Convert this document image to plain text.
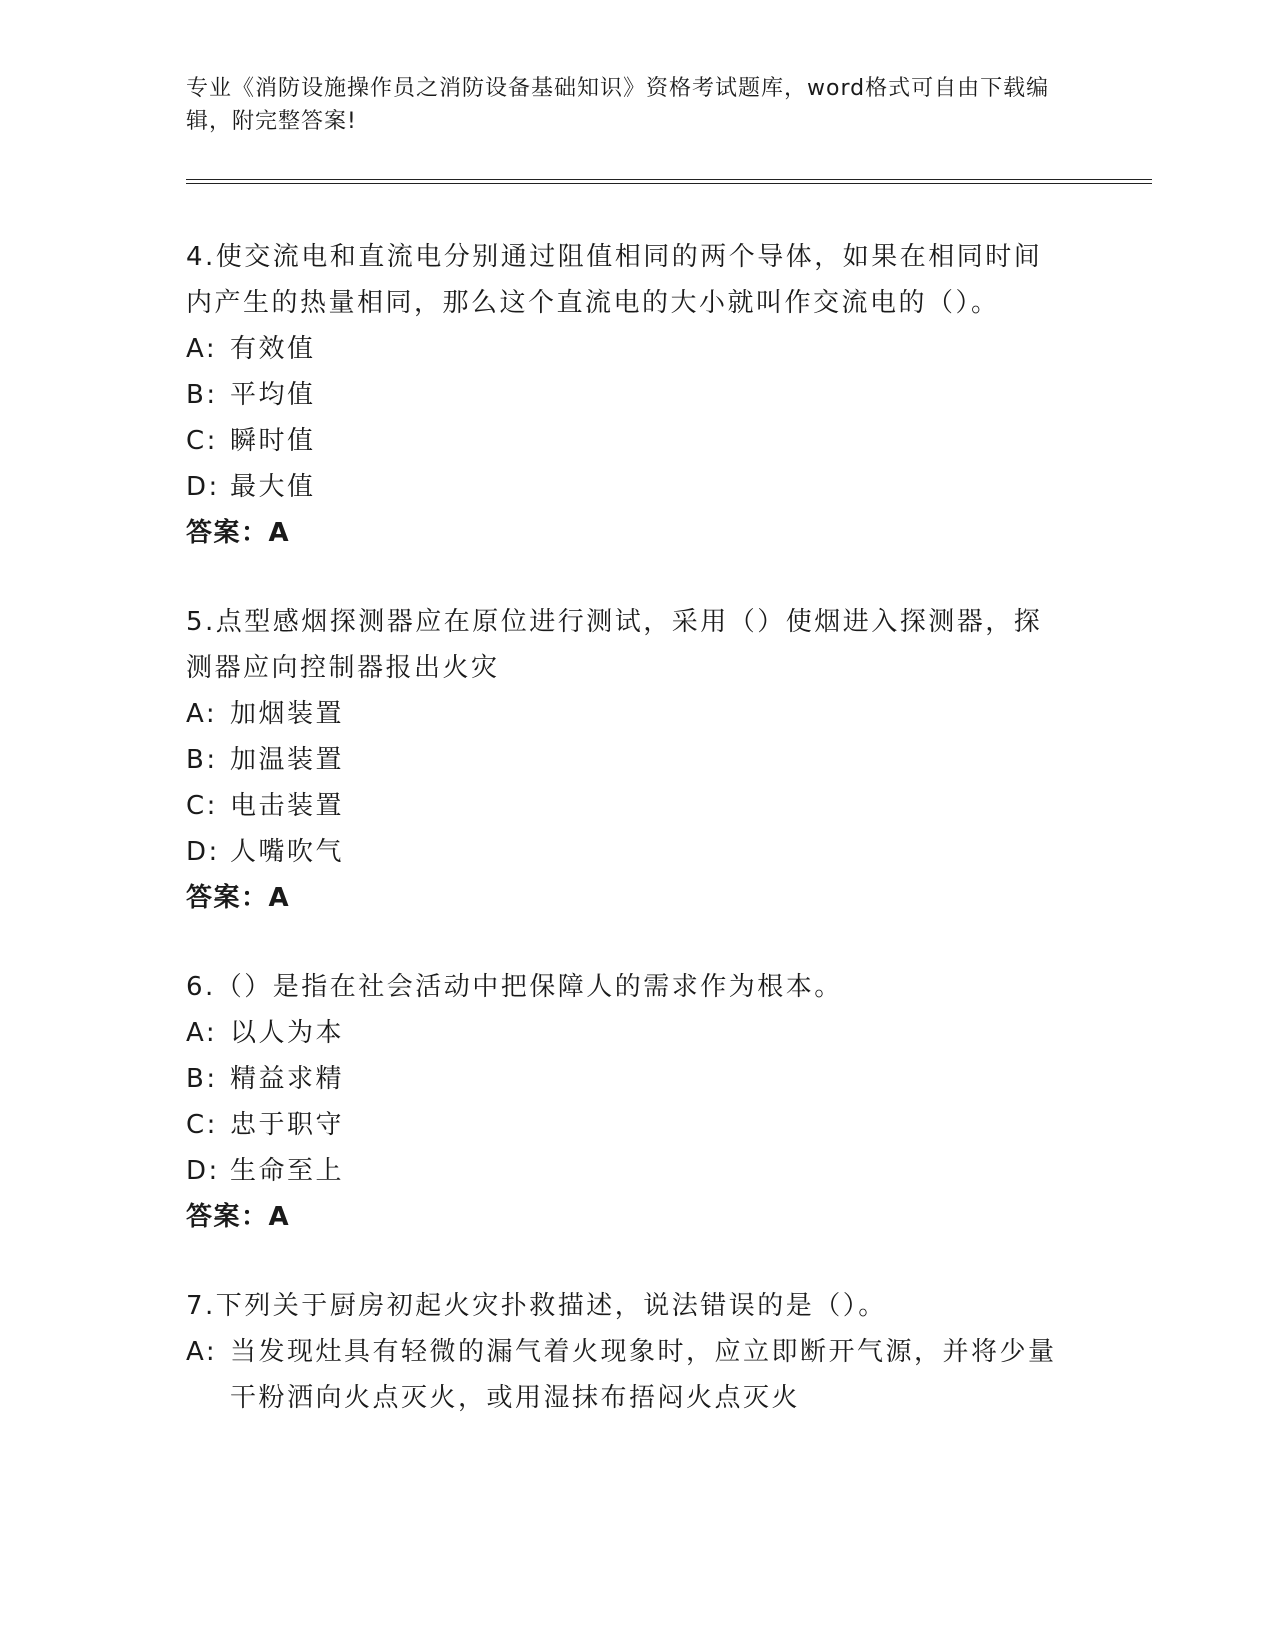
专业《消防设施操作员之消防设备基础知识》资格考试题库，word格式可自由下载编辑，附完整答案!
4.使交流电和直流电分别通过阻值相同的两个导体，如果在相同时间内产生的热量相同，那么这个直流电的大小就叫作交流电的（）。
A: 有效值
B: 平均值
C: 瞬时值
D: 最大值
答案：A
5.点型感烟探测器应在原位进行测试，采用（）使烟进入探测器，探测器应向控制器报出火灾
A: 加烟装置
B: 加温装置
C: 电击装置
D: 人嘴吹气
答案：A
6.（）是指在社会活动中把保障人的需求作为根本。
A: 以人为本
B: 精益求精
C: 忠于职守
D: 生命至上
答案：A
7.下列关于厨房初起火灾扑救描述，说法错误的是（）。
A: 当发现灶具有轻微的漏气着火现象时，应立即断开气源，并将少量干粉洒向火点灭火，或用湿抹布捂闷火点灭火
